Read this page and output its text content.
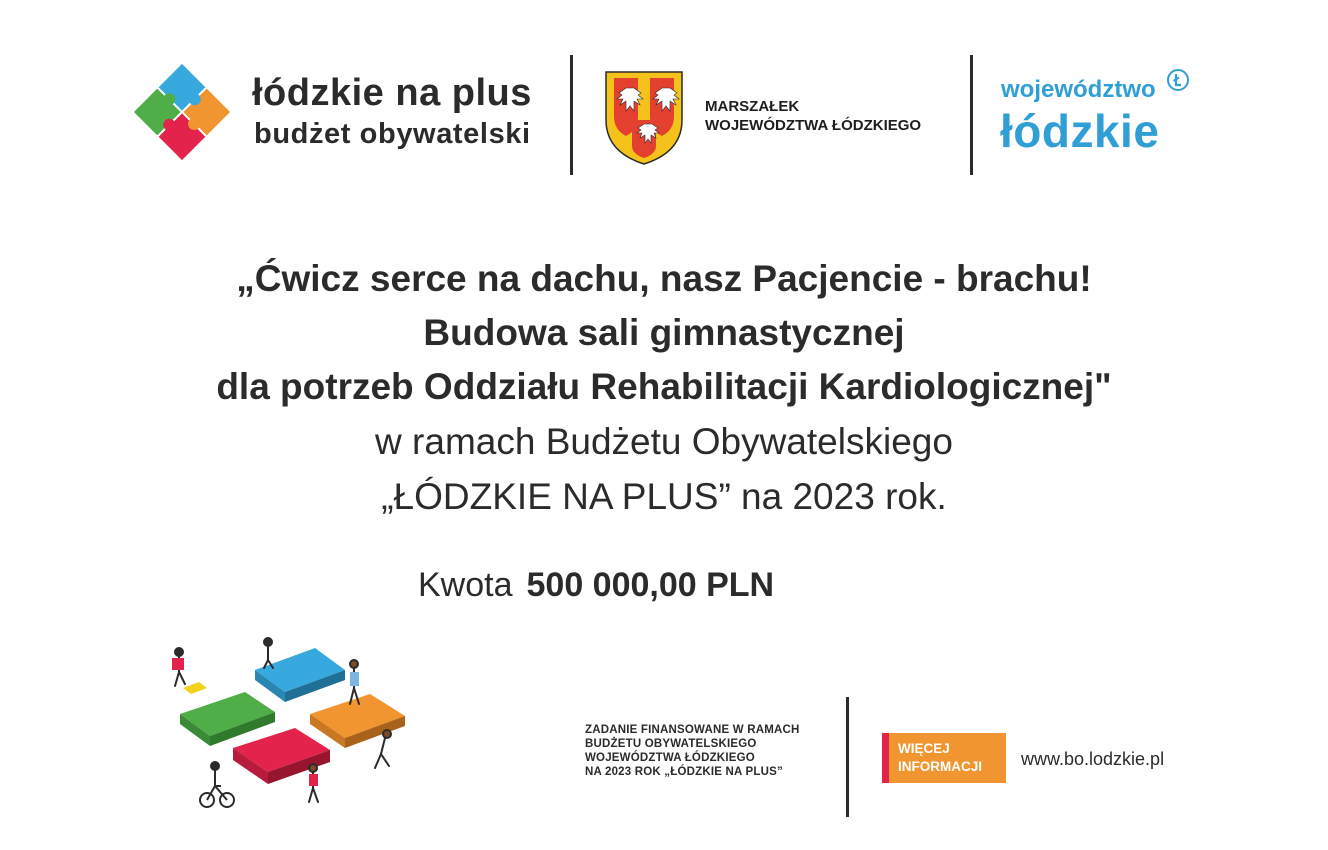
łódzkie na plus
budżet obywatelski
MARSZAŁEK
WOJEWÓDZTWA ŁÓDZKIEGO
województwo
łódzkie
„Ćwicz serce na dachu, nasz Pacjencie - brachu!
Budowa sali gimnastycznej
dla potrzeb Oddziału Rehabilitacji Kardiologicznej"
w ramach Budżetu Obywatelskiego
„ŁÓDZKIE NA PLUS” na 2023 rok.
Kwota 500 000,00 PLN
ZADANIE FINANSOWANE W RAMACH
BUDŻETU OBYWATELSKIEGO
WOJEWÓDZTWA ŁÓDZKIEGO
NA 2023 ROK „ŁÓDZKIE NA PLUS”
WIĘCEJ
INFORMACJI www.bo.lodzkie.pl
